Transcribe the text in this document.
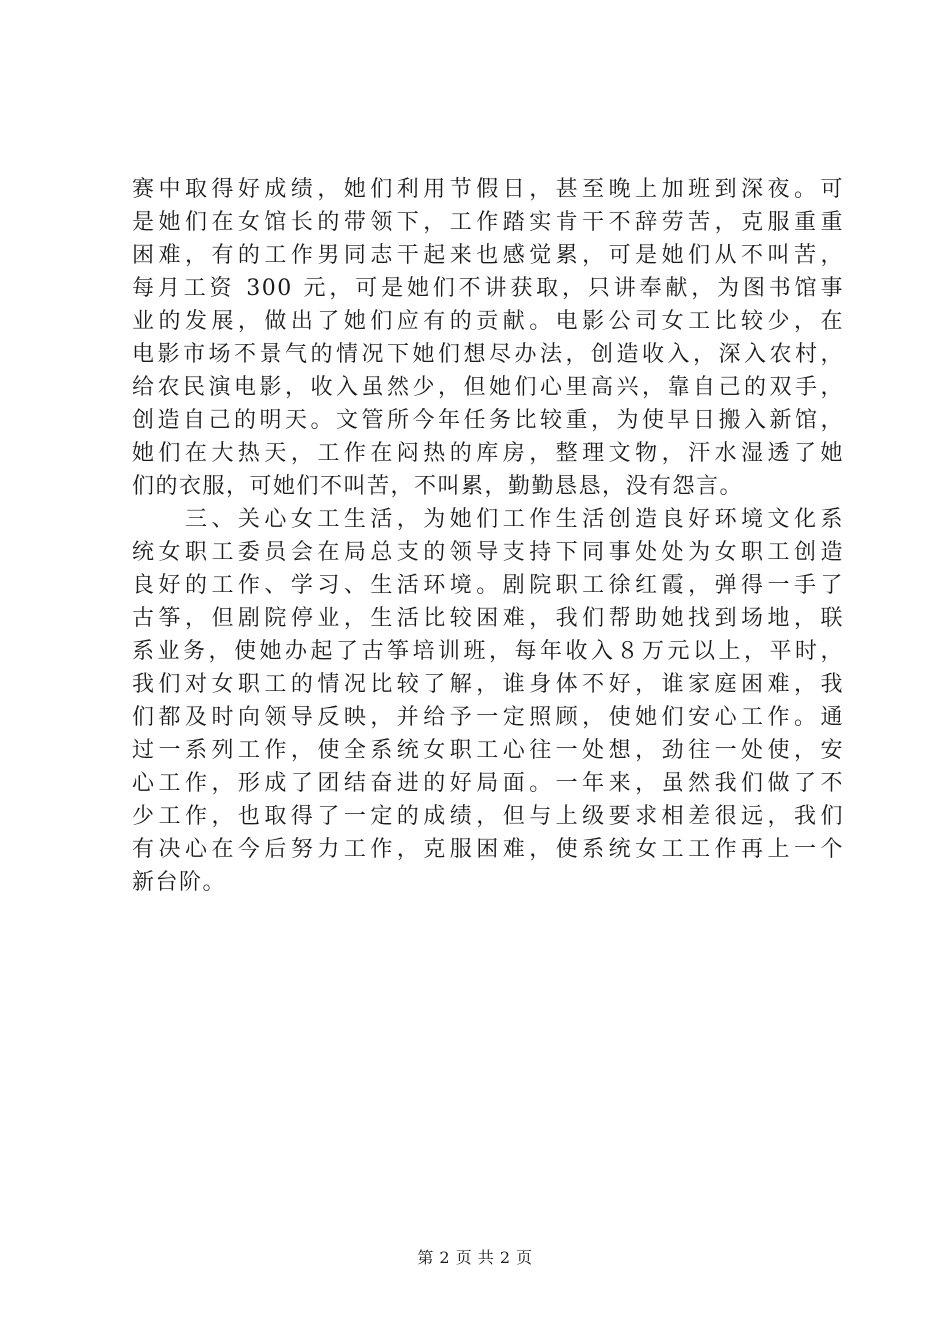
赛中取得好成绩，她们利用节假日，甚至晚上加班到深夜。可
是她们在女馆长的带领下，工作踏实肯干不辞劳苦，克服重重
困难，有的工作男同志干起来也感觉累，可是她们从不叫苦，
每月工资 300 元，可是她们不讲获取，只讲奉献，为图书馆事
业的发展，做出了她们应有的贡献。电影公司女工比较少，在
电影市场不景气的情况下她们想尽办法，创造收入，深入农村，
给农民演电影，收入虽然少，但她们心里高兴，靠自己的双手，
创造自己的明天。文管所今年任务比较重，为使早日搬入新馆，
她们在大热天，工作在闷热的库房，整理文物，汗水湿透了她
们的衣服，可她们不叫苦，不叫累，勤勤恳恳，没有怨言。
　　三、关心女工生活，为她们工作生活创造良好环境文化系
统女职工委员会在局总支的领导支持下同事处处为女职工创造
良好的工作、学习、生活环境。剧院职工徐红霞，弹得一手了
古筝，但剧院停业，生活比较困难，我们帮助她找到场地，联
系业务，使她办起了古筝培训班，每年收入８万元以上，平时，
我们对女职工的情况比较了解，谁身体不好，谁家庭困难，我
们都及时向领导反映，并给予一定照顾，使她们安心工作。通
过一系列工作，使全系统女职工心往一处想，劲往一处使，安
心工作，形成了团结奋进的好局面。一年来，虽然我们做了不
少工作，也取得了一定的成绩，但与上级要求相差很远，我们
有决心在今后努力工作，克服困难，使系统女工工作再上一个
新台阶。
第 2 页 共 2 页
